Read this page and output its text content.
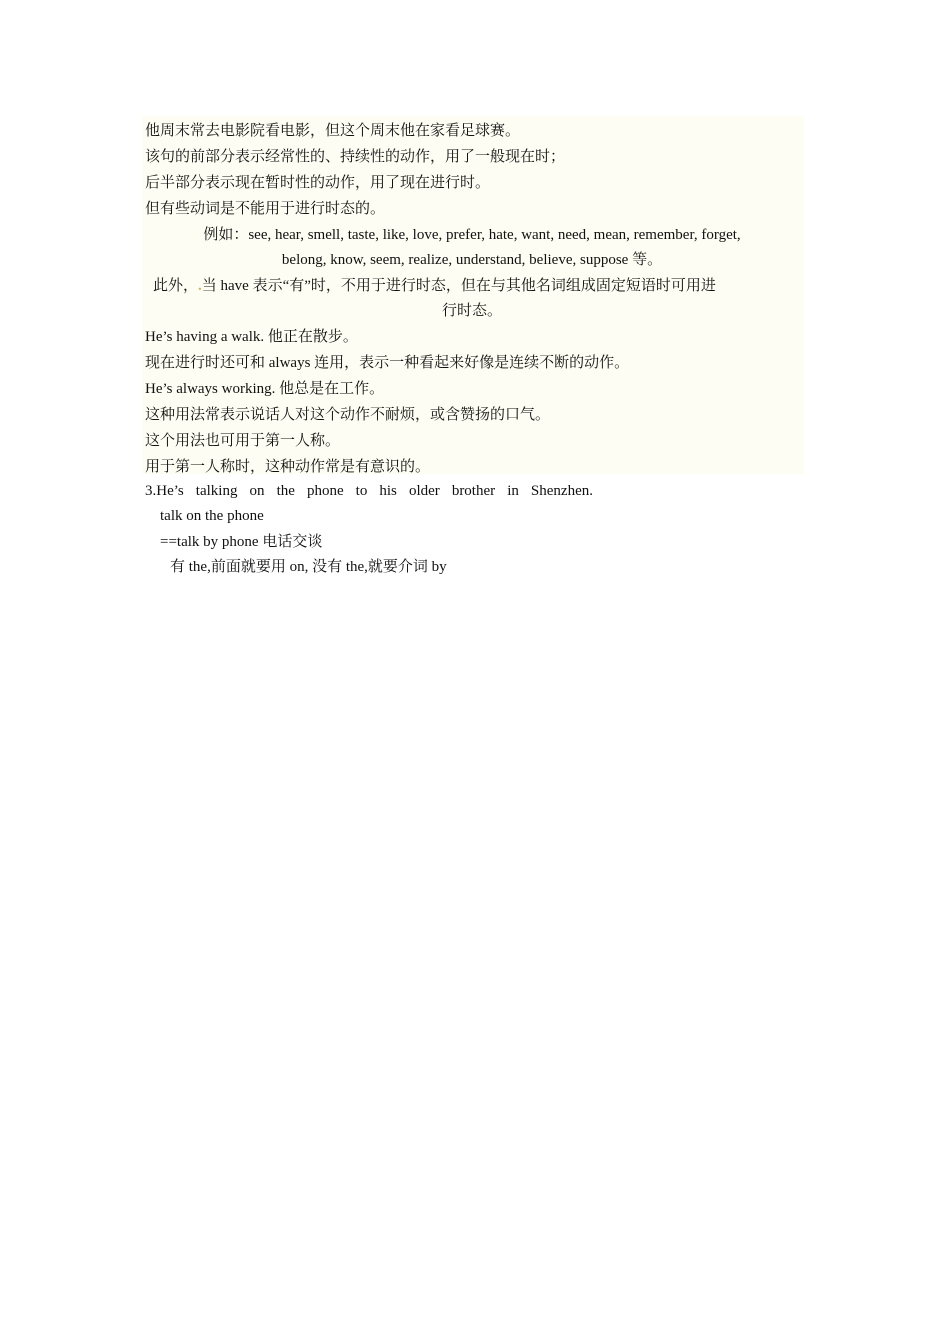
他周末常去电影院看电影，但这个周末他在家看足球赛。
该句的前部分表示经常性的、持续性的动作，用了一般现在时；
后半部分表示现在暂时性的动作，用了现在进行时。
但有些动词是不能用于进行时态的。
例如：see, hear, smell, taste, like, love, prefer, hate, want, need, mean, remember, forget,
belong, know, seem, realize, understand, believe, suppose 等。
此外，.当 have 表示“有”时，不用于进行时态，但在与其他名词组成固定短语时可用进
行时态。
He’s having a walk. 他正在散步。
现在进行时还可和 always 连用，表示一种看起来好像是连续不断的动作。
He’s always working. 他总是在工作。
这种用法常表示说话人对这个动作不耐烦，或含赞扬的口气。
这个用法也可用于第一人称。
用于第一人称时，这种动作常是有意识的。
3.He’s talking on the phone to his older brother in Shenzhen.
talk on the phone
==talk by phone 电话交谈
有 the,前面就要用 on, 没有 the,就要介词 by
